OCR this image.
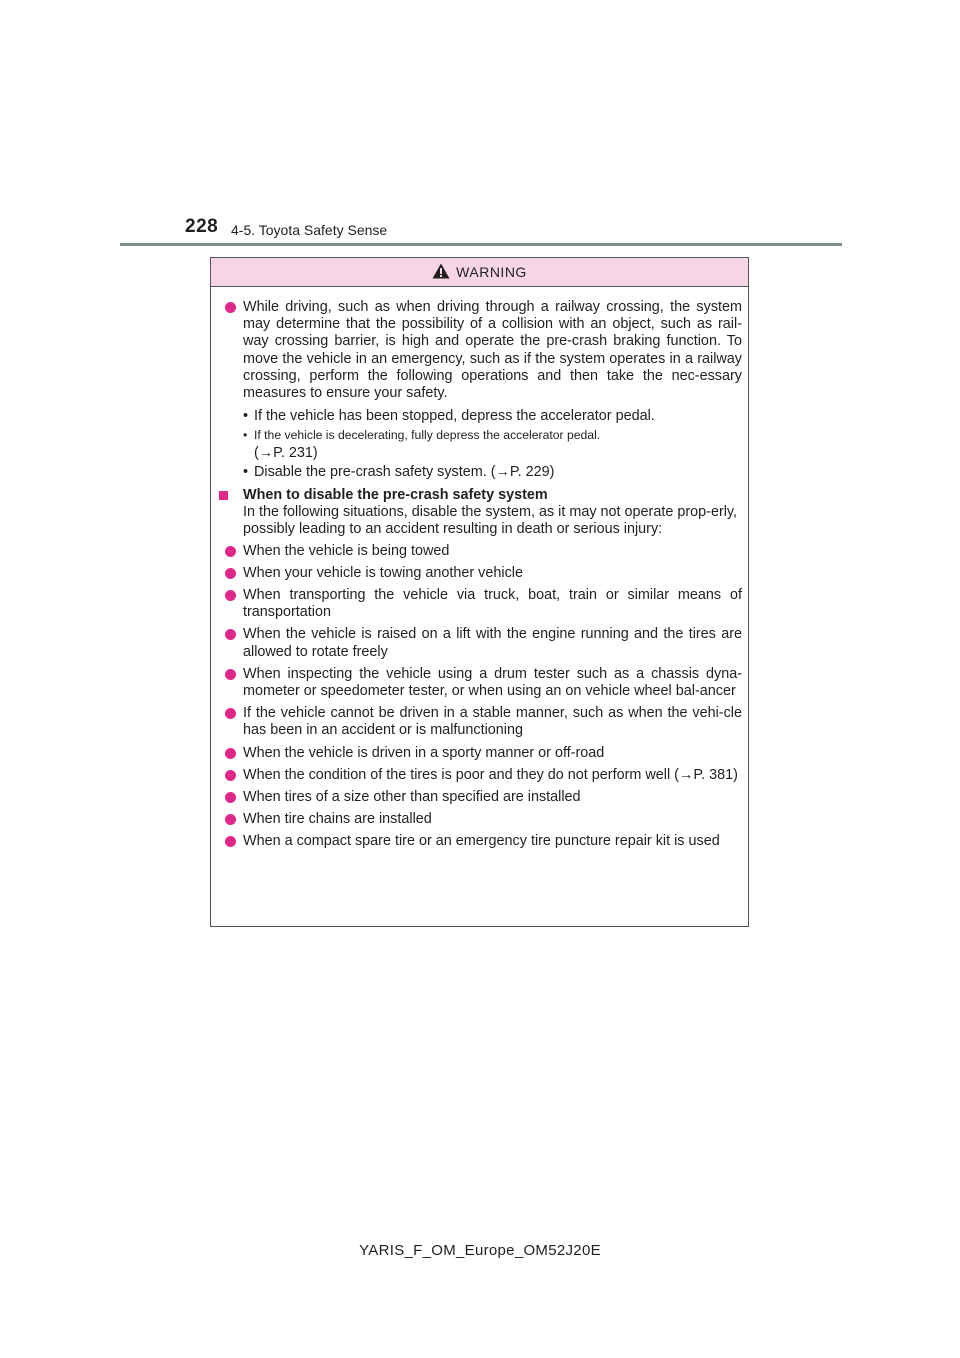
228 4-5. Toyota Safety Sense
WARNING
While driving, such as when driving through a railway crossing, the system may determine that the possibility of a collision with an object, such as rail-way crossing barrier, is high and operate the pre-crash braking function. To move the vehicle in an emergency, such as if the system operates in a railway crossing, perform the following operations and then take the nec-essary measures to ensure your safety.
• If the vehicle has been stopped, depress the accelerator pedal.
• If the vehicle is decelerating, fully depress the accelerator pedal.
(→P. 231)
• Disable the pre-crash safety system. (→P. 229)
When to disable the pre-crash safety system
In the following situations, disable the system, as it may not operate prop-erly, possibly leading to an accident resulting in death or serious injury:
When the vehicle is being towed
When your vehicle is towing another vehicle
When transporting the vehicle via truck, boat, train or similar means of transportation
When the vehicle is raised on a lift with the engine running and the tires are allowed to rotate freely
When inspecting the vehicle using a drum tester such as a chassis dyna-mometer or speedometer tester, or when using an on vehicle wheel bal-ancer
If the vehicle cannot be driven in a stable manner, such as when the vehi-cle has been in an accident or is malfunctioning
When the vehicle is driven in a sporty manner or off-road
When the condition of the tires is poor and they do not perform well (→P. 381)
When tires of a size other than specified are installed
When tire chains are installed
When a compact spare tire or an emergency tire puncture repair kit is used
YARIS_F_OM_Europe_OM52J20E
